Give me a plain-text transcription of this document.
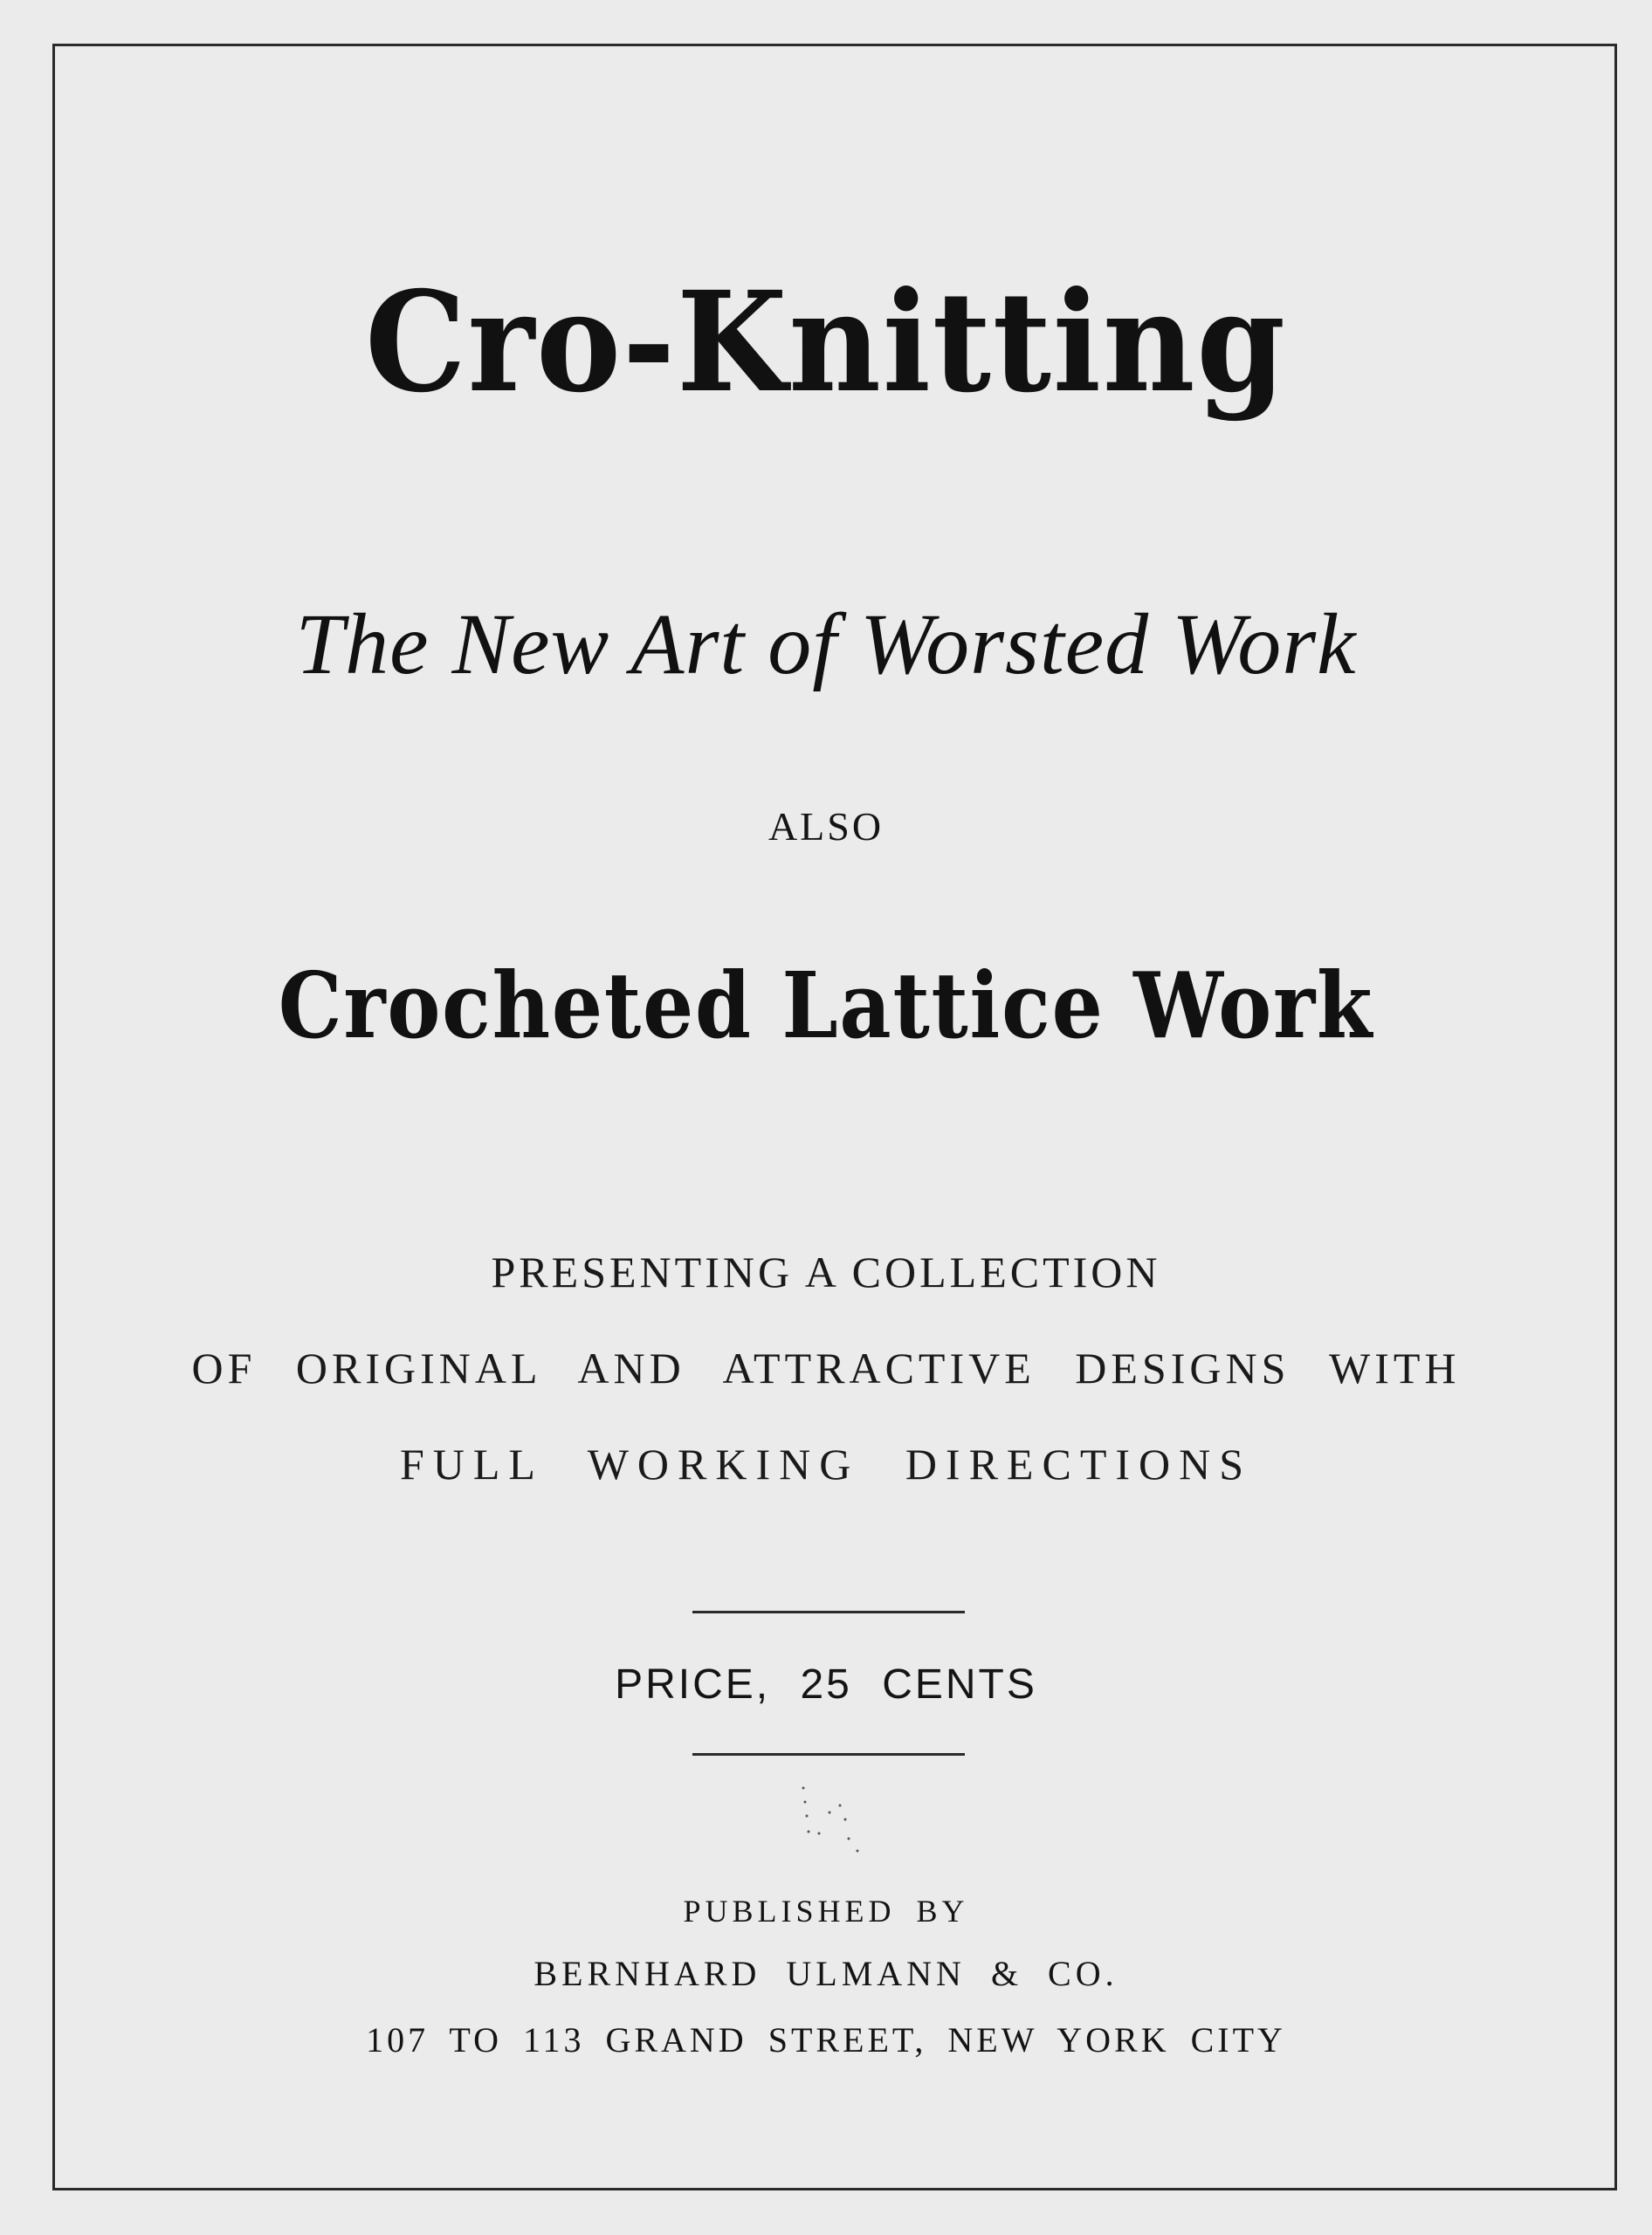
Cro-Knitting
The New Art of Worsted Work
ALSO
Crocheted Lattice Work
PRESENTING A COLLECTION
OF ORIGINAL AND ATTRACTIVE DESIGNS WITH
FULL WORKING DIRECTIONS
PRICE, 25 CENTS
PUBLISHED BY
BERNHARD ULMANN & CO.
107 TO 113 GRAND STREET, NEW YORK CITY
